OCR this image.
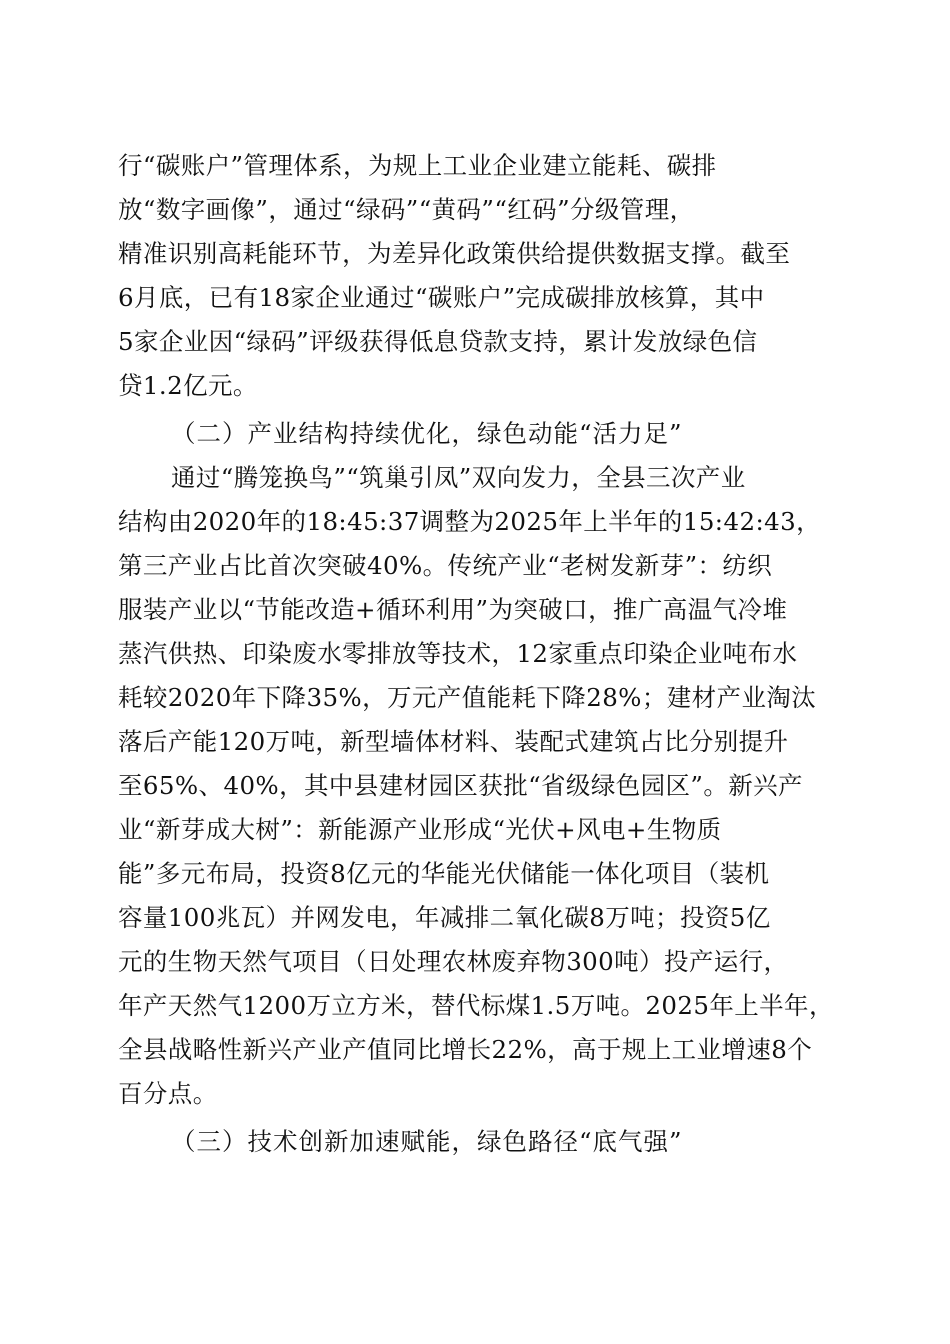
行“碳账户”管理体系，为规上工业企业建立能耗、碳排
放“数字画像”，通过“绿码”“黄码”“红码”分级管理，
精准识别高耗能环节，为差异化政策供给提供数据支撑。截至
6月底，已有18家企业通过“碳账户”完成碳排放核算，其中
5家企业因“绿码”评级获得低息贷款支持，累计发放绿色信
贷1.2亿元。
（二）产业结构持续优化，绿色动能“活力足”
通过“腾笼换鸟”“筑巢引凤”双向发力，全县三次产业
结构由2020年的18:45:37调整为2025年上半年的15:42:43，
第三产业占比首次突破40%。传统产业“老树发新芽”：纺织
服装产业以“节能改造+循环利用”为突破口，推广高温气冷堆
蒸汽供热、印染废水零排放等技术，12家重点印染企业吨布水
耗较2020年下降35%，万元产值能耗下降28%；建材产业淘汰
落后产能120万吨，新型墙体材料、装配式建筑占比分别提升
至65%、40%，其中县建材园区获批“省级绿色园区”。新兴产
业“新芽成大树”：新能源产业形成“光伏+风电+生物质
能”多元布局，投资8亿元的华能光伏储能一体化项目（装机
容量100兆瓦）并网发电，年减排二氧化碳8万吨；投资5亿
元的生物天然气项目（日处理农林废弃物300吨）投产运行，
年产天然气1200万立方米，替代标煤1.5万吨。2025年上半年，
全县战略性新兴产业产值同比增长22%，高于规上工业增速8个
百分点。
（三）技术创新加速赋能，绿色路径“底气强”
